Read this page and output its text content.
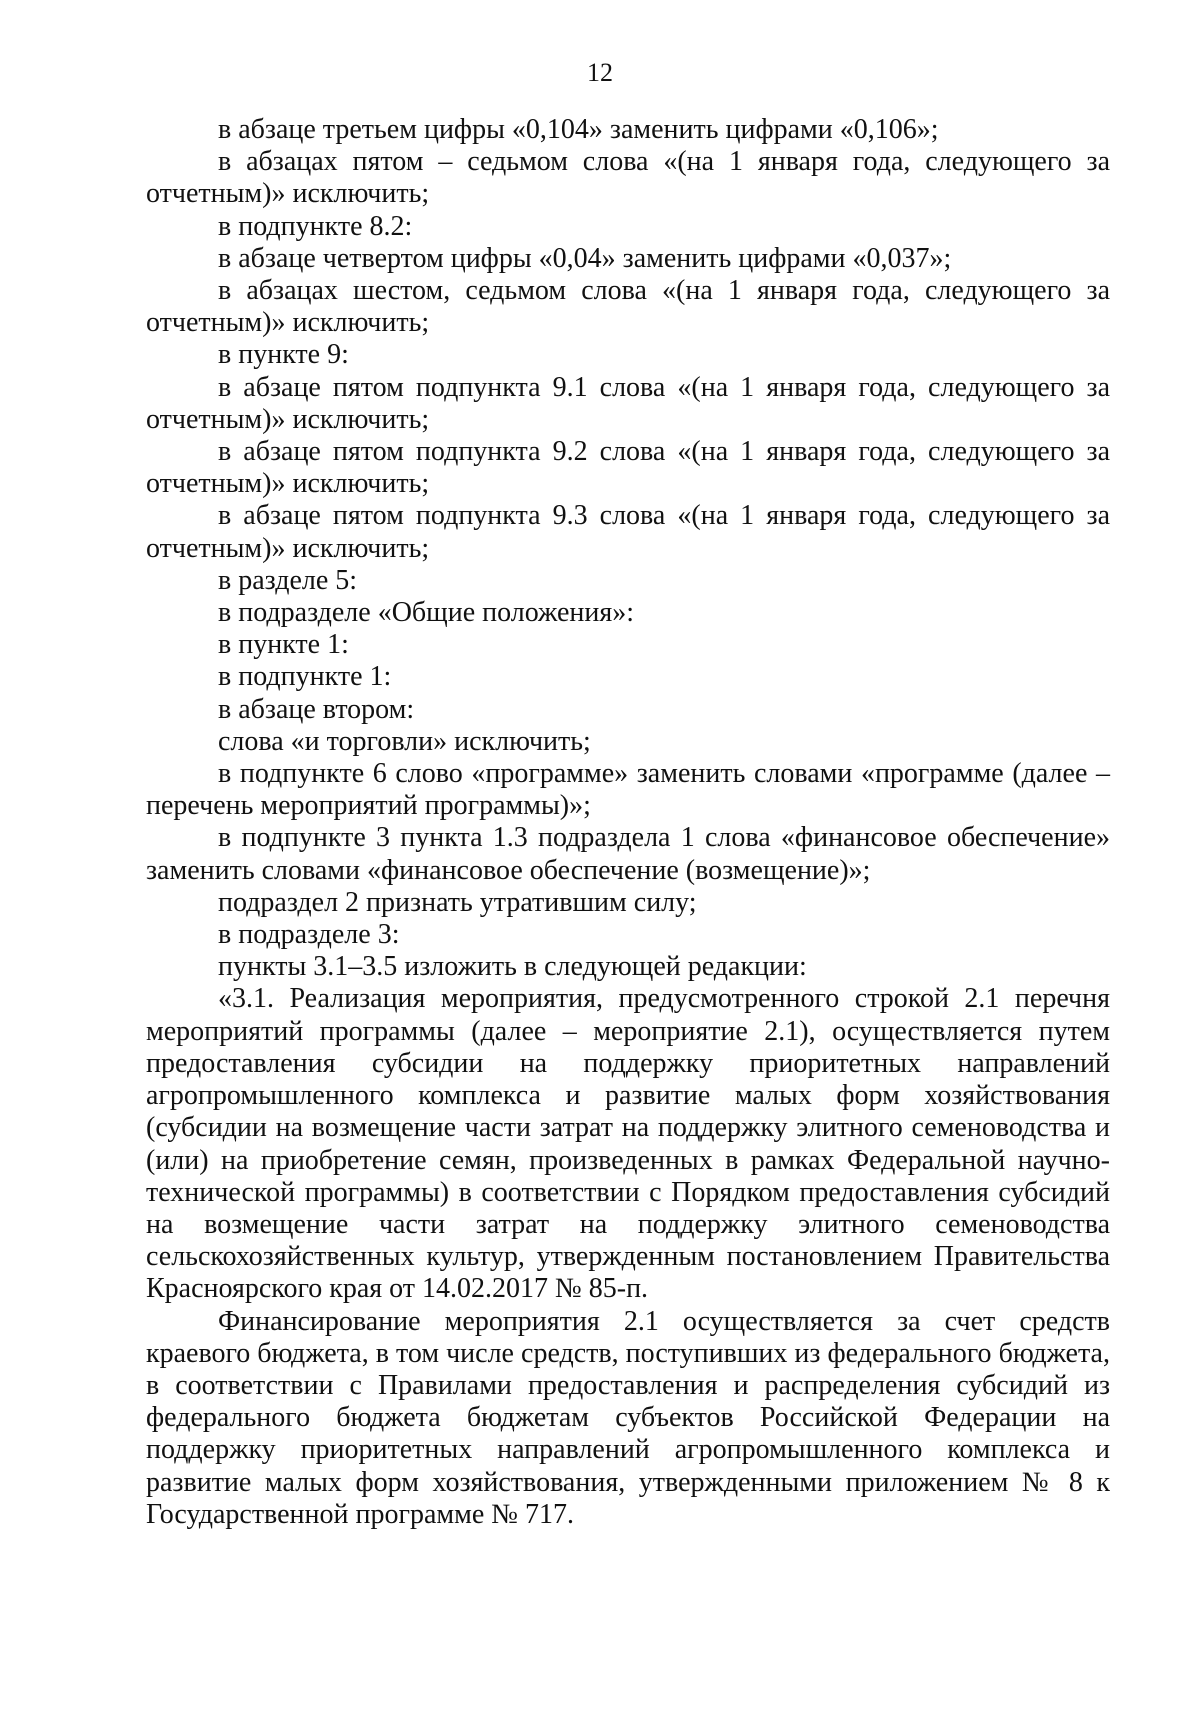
12

в абзаце третьем цифры «0,104» заменить цифрами «0,106»;

в абзацах пятом – седьмом слова «(на 1 января года, следующего за отчетным)» исключить;

в подпункте 8.2:

в абзаце четвертом цифры «0,04» заменить цифрами «0,037»;

в абзацах шестом, седьмом слова «(на 1 января года, следующего за отчетным)» исключить;

в пункте 9:

в абзаце пятом подпункта 9.1 слова «(на 1 января года, следующего за отчетным)» исключить;

в абзаце пятом подпункта 9.2 слова «(на 1 января года, следующего за отчетным)» исключить;

в абзаце пятом подпункта 9.3 слова «(на 1 января года, следующего за отчетным)» исключить;

в разделе 5:

в подразделе «Общие положения»:

в пункте 1:

в подпункте 1:

в абзаце втором:

слова «и торговли» исключить;

в подпункте 6 слово «программе» заменить словами «программе (далее – перечень мероприятий программы)»;

в подпункте 3 пункта 1.3 подраздела 1 слова «финансовое обеспечение» заменить словами «финансовое обеспечение (возмещение)»;

подраздел 2 признать утратившим силу;

в подразделе 3:

пункты 3.1–3.5 изложить в следующей редакции:

«3.1. Реализация мероприятия, предусмотренного строкой 2.1 перечня мероприятий программы (далее – мероприятие 2.1), осуществляется путем предоставления субсидии на поддержку приоритетных направлений агропромышленного комплекса и развитие малых форм хозяйствования (субсидии на возмещение части затрат на поддержку элитного семеноводства и (или) на приобретение семян, произведенных в рамках Федеральной научно-технической программы) в соответствии с Порядком предоставления субсидий на возмещение части затрат на поддержку элитного семеноводства сельскохозяйственных культур, утвержденным постановлением Правительства Красноярского края от 14.02.2017 № 85-п.

Финансирование мероприятия 2.1 осуществляется за счет средств краевого бюджета, в том числе средств, поступивших из федерального бюджета, в соответствии с Правилами предоставления и распределения субсидий из федерального бюджета бюджетам субъектов Российской Федерации на поддержку приоритетных направлений агропромышленного комплекса и развитие малых форм хозяйствования, утвержденными приложением № 8 к Государственной программе № 717.
